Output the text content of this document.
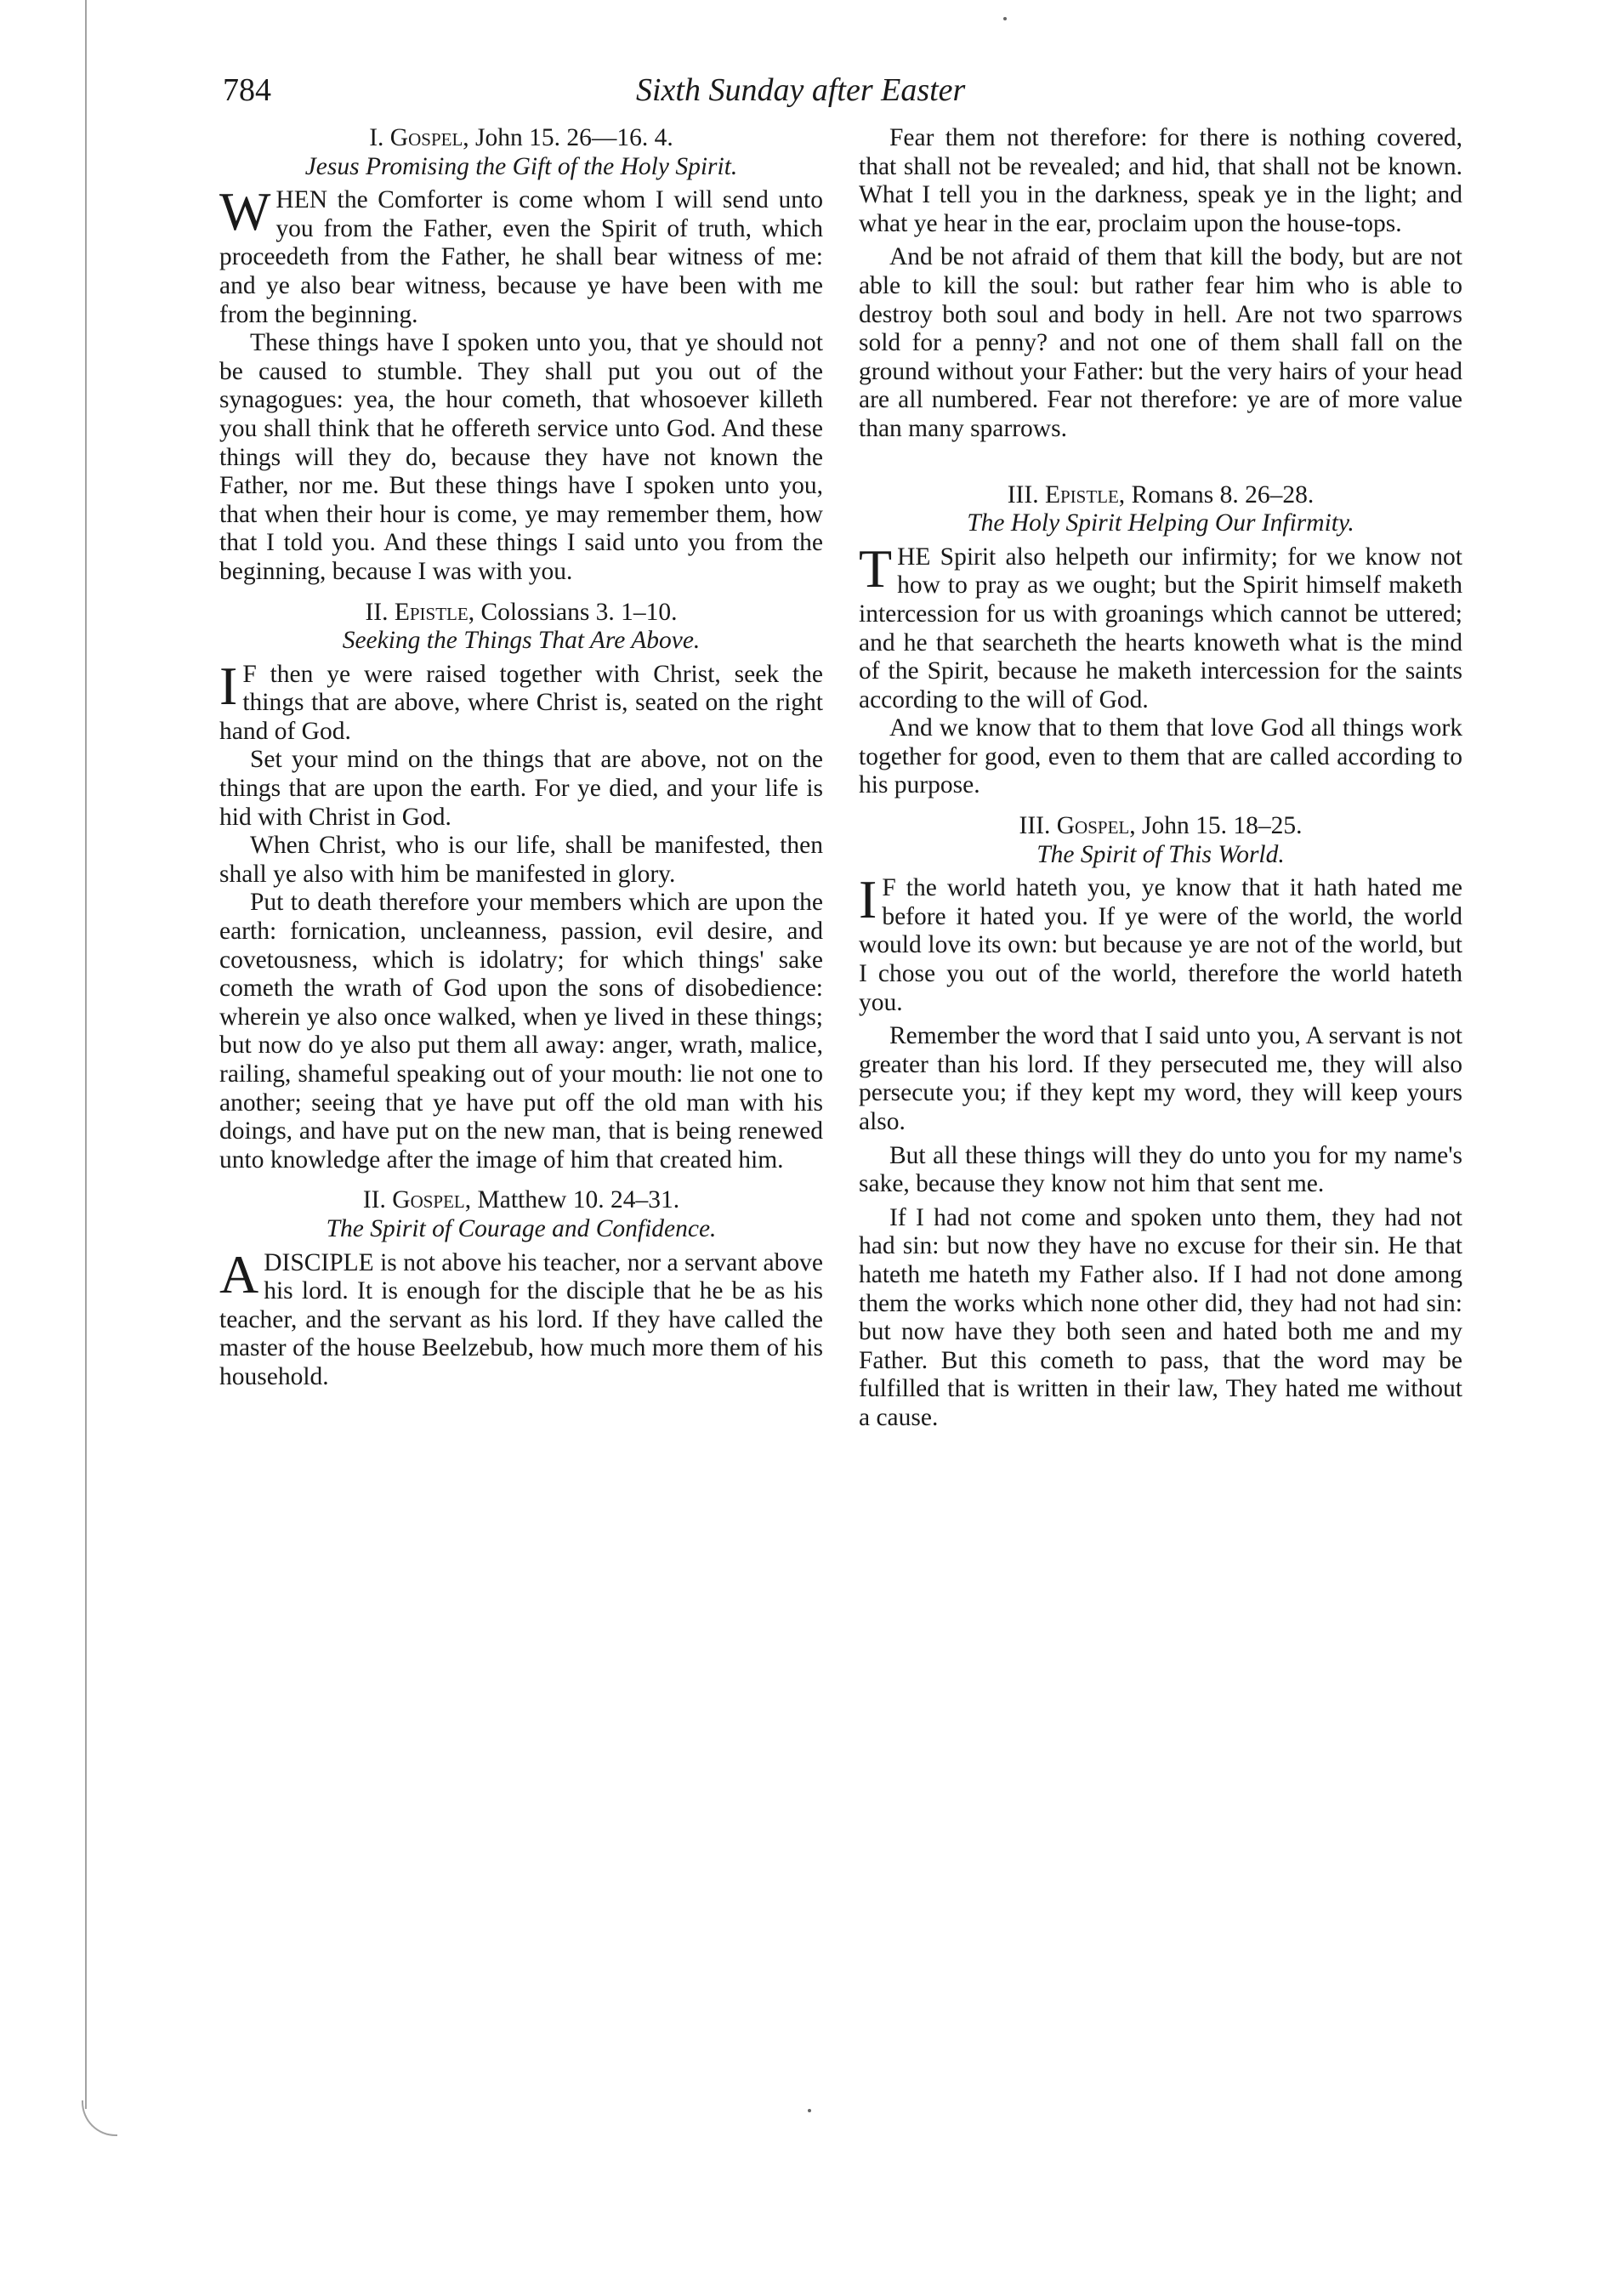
784	Sixth Sunday after Easter

I. Gospel, John 15. 26—16. 4.

Jesus Promising the Gift of the Holy Spirit.

WHEN the Comforter is come whom I will send unto you from the Father, even the Spirit of truth, which proceedeth from the Father, he shall bear witness of me: and ye also bear witness, because ye have been with me from the beginning.

These things have I spoken unto you, that ye should not be caused to stumble. They shall put you out of the synagogues: yea, the hour cometh, that whosoever killeth you shall think that he offereth service unto God. And these things will they do, because they have not known the Father, nor me. But these things have I spoken unto you, that when their hour is come, ye may remember them, how that I told you. And these things I said unto you from the beginning, because I was with you.

II. Epistle, Colossians 3. 1–10.

Seeking the Things That Are Above.

I F then ye were raised together with Christ, seek the things that are above, where Christ is, seated on the right hand of God.

Set your mind on the things that are above, not on the things that are upon the earth. For ye died, and your life is hid with Christ in God.

When Christ, who is our life, shall be manifested, then shall ye also with him be manifested in glory.

Put to death therefore your members which are upon the earth: fornication, uncleanness, passion, evil desire, and covetousness, which is idolatry; for which things' sake cometh the wrath of God upon the sons of disobedience: wherein ye also once walked, when ye lived in these things; but now do ye also put them all away: anger, wrath, malice, railing, shameful speaking out of your mouth: lie not one to another; seeing that ye have put off the old man with his doings, and have put on the new man, that is being renewed unto knowledge after the image of him that created him.

II. Gospel, Matthew 10. 24–31.

The Spirit of Courage and Confidence.

ADISCIPLE is not above his teacher, nor a servant above his lord. It is enough for the disciple that he be as his teacher, and the servant as his lord. If they have called the master of the house Beelzebub, how much more them of his household.

Fear them not therefore: for there is nothing covered, that shall not be revealed; and hid, that shall not be known. What I tell you in the darkness, speak ye in the light; and what ye hear in the ear, proclaim upon the house-tops.

And be not afraid of them that kill the body, but are not able to kill the soul: but rather fear him who is able to destroy both soul and body in hell. Are not two sparrows sold for a penny? and not one of them shall fall on the ground without your Father: but the very hairs of your head are all numbered. Fear not therefore: ye are of more value than many sparrows.

III. Epistle, Romans 8. 26–28.

The Holy Spirit Helping Our Infirmity.

THE Spirit also helpeth our infirmity; for we know not how to pray as we ought; but the Spirit himself maketh intercession for us with groanings which cannot be uttered; and he that searcheth the hearts knoweth what is the mind of the Spirit, because he maketh intercession for the saints according to the will of God.

And we know that to them that love God all things work together for good, even to them that are called according to his purpose.

III. Gospel, John 15. 18–25.

The Spirit of This World.

I F the world hateth you, ye know that it hath hated me before it hated you. If ye were of the world, the world would love its own: but because ye are not of the world, but I chose you out of the world, therefore the world hateth you.

Remember the word that I said unto you, A servant is not greater than his lord. If they persecuted me, they will also persecute you; if they kept my word, they will keep yours also.

But all these things will they do unto you for my name's sake, because they know not him that sent me.

If I had not come and spoken unto them, they had not had sin: but now they have no excuse for their sin. He that hateth me hateth my Father also. If I had not done among them the works which none other did, they had not had sin: but now have they both seen and hated both me and my Father. But this cometh to pass, that the word may be fulfilled that is written in their law, They hated me without a cause.
